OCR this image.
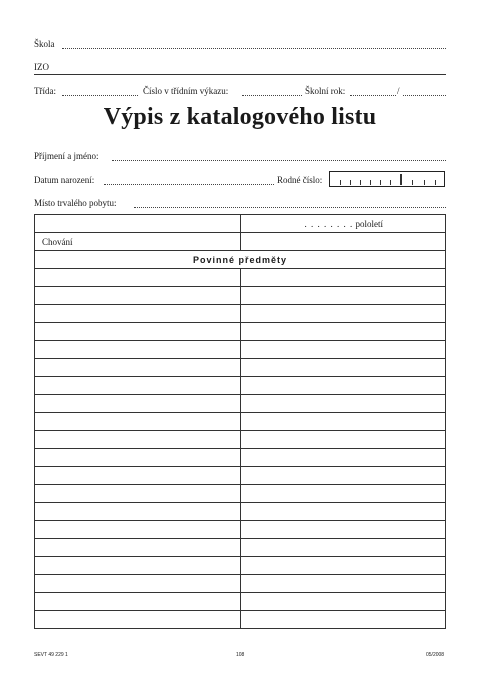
Škola
IZO
Třída:	Číslo v třídním výkazu:	Školní rok:	/
Výpis z katalogového listu
Příjmení a jméno:
Datum narození:	Rodné číslo:
Místo trvalého pobytu:
	. . . . . . . . pololetí
Chování	
Povinné předměty	

SEVT 49 229 1	108	05/2008
